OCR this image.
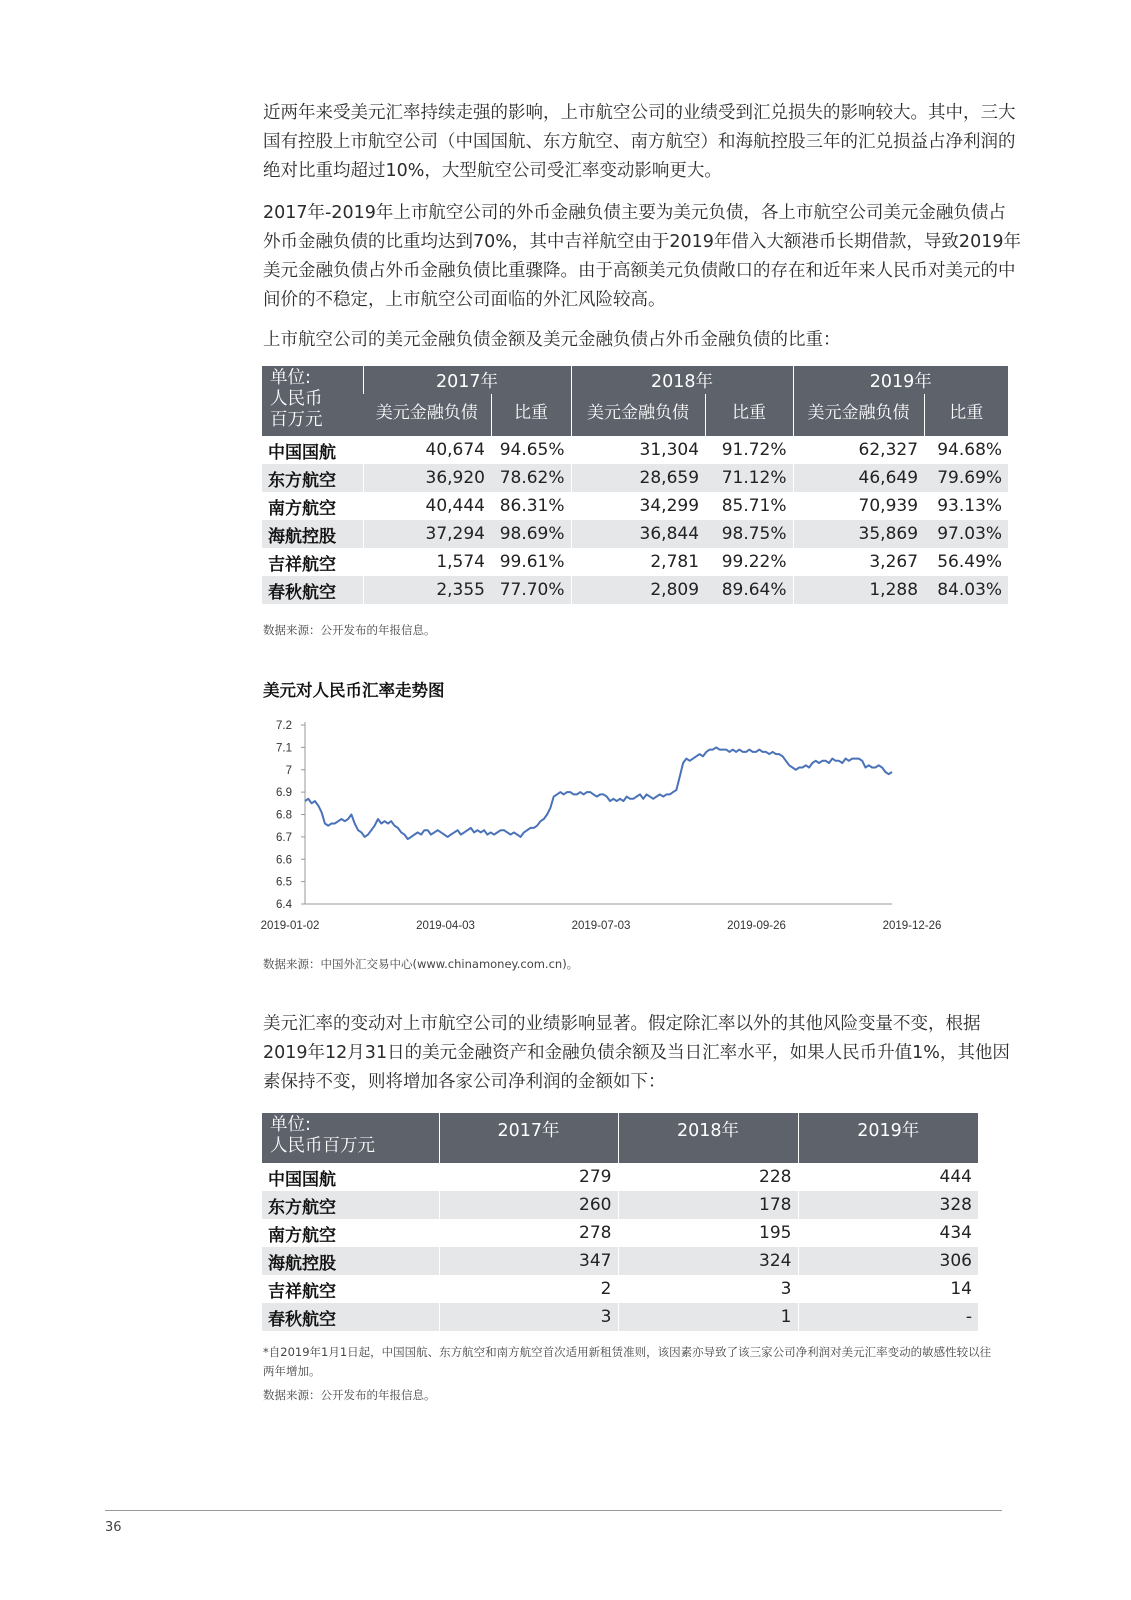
近两年来受美元汇率持续走强的影响，上市航空公司的业绩受到汇兑损失的影响较大。其中，三大国有控股上市航空公司（中国国航、东方航空、南方航空）和海航控股三年的汇兑损益占净利润的绝对比重均超过10%，大型航空公司受汇率变动影响更大。
2017年-2019年上市航空公司的外币金融负债主要为美元负债，各上市航空公司美元金融负债占外币金融负债的比重均达到70%，其中吉祥航空由于2019年借入大额港币长期借款，导致2019年美元金融负债占外币金融负债比重骤降。由于高额美元负债敞口的存在和近年来人民币对美元的中间价的不稳定，上市航空公司面临的外汇风险较高。
上市航空公司的美元金融负债金额及美元金融负债占外币金融负债的比重：
单位:
人民币
百万元	2017年		2018年		2019年	
	美元金融负债	比重	美元金融负债	比重	美元金融负债	比重
中国国航	40,674	94.65%	31,304	91.72%	62,327	94.68%
东方航空	36,920	78.62%	28,659	71.12%	46,649	79.69%
南方航空	40,444	86.31%	34,299	85.71%	70,939	93.13%
海航控股	37,294	98.69%	36,844	98.75%	35,869	97.03%
吉祥航空	1,574	99.61%	2,781	99.22%	3,267	56.49%
春秋航空	2,355	77.70%	2,809	89.64%	1,288	84.03%
数据来源：公开发布的年报信息。
美元对人民币汇率走势图
6.4
6.5
6.6
6.7
6.8
6.9
7
7.1
7.2
2019-01-02	2019-04-03	2019-07-03	2019-09-26	2019-12-26
数据来源：中国外汇交易中心(www.chinamoney.com.cn)。
美元汇率的变动对上市航空公司的业绩影响显著。假定除汇率以外的其他风险变量不变，根据2019年12月31日的美元金融资产和金融负债余额及当日汇率水平，如果人民币升值1%，其他因素保持不变，则将增加各家公司净利润的金额如下：
单位:
人民币百万元	2017年	2018年	2019年
中国国航	279	228	444
东方航空	260	178	328
南方航空	278	195	434
海航控股	347	324	306
吉祥航空	2	3	14
春秋航空	3	1	-
*自2019年1月1日起，中国国航、东方航空和南方航空首次适用新租赁准则，该因素亦导致了该三家公司净利润对美元汇率变动的敏感性较以往两年增加。
数据来源：公开发布的年报信息。
36
